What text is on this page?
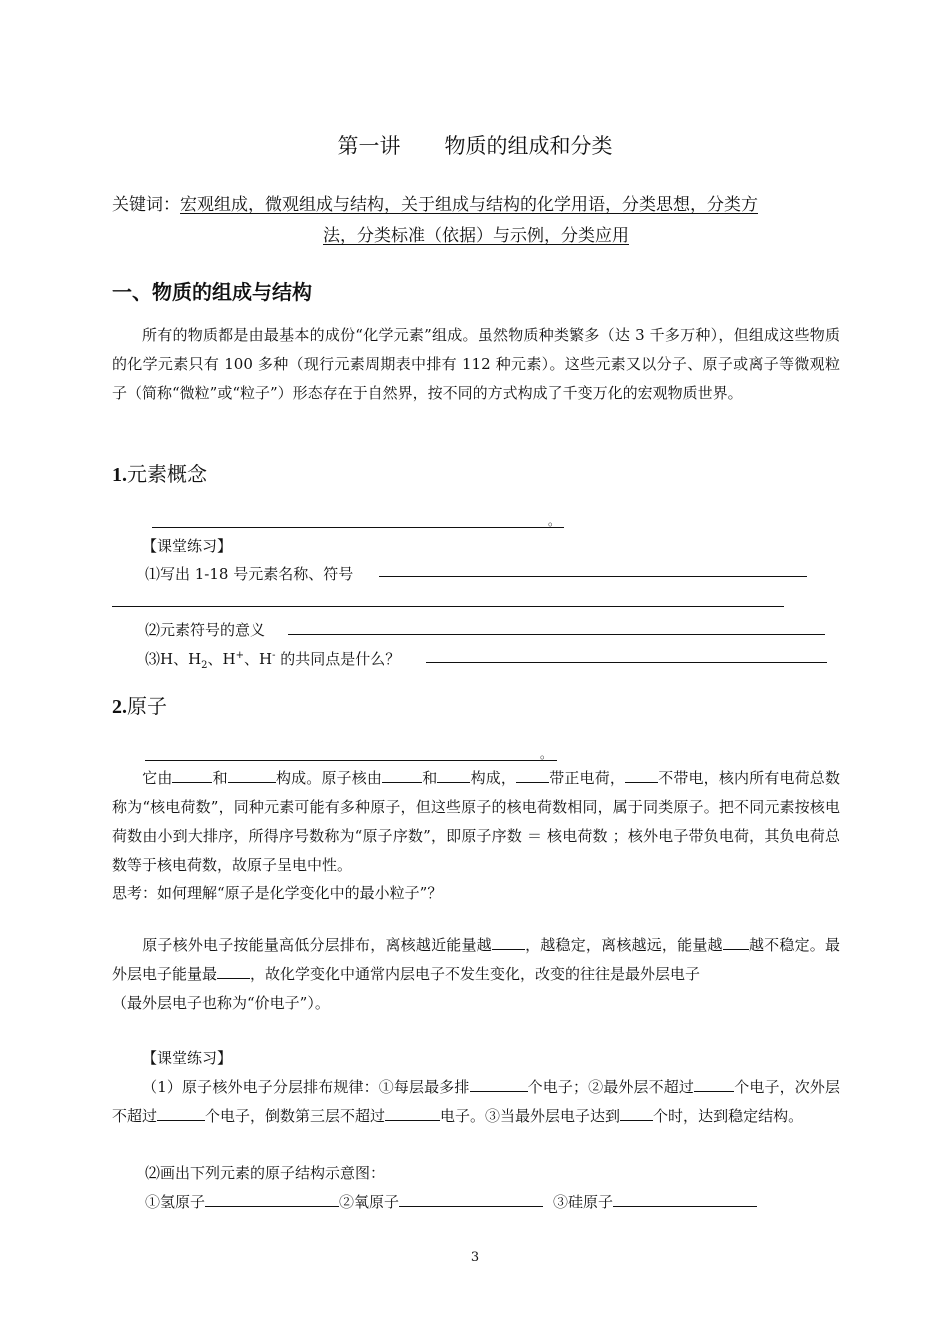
第一讲 物质的组成和分类
关键词：宏观组成，微观组成与结构，关于组成与结构的化学用语，分类思想，分类方
法，分类标准（依据）与示例，分类应用
一、物质的组成与结构
所有的物质都是由最基本的成份“化学元素”组成。虽然物质种类繁多（达 3 千多万种），但组成这些物质的化学元素只有 100 多种（现行元素周期表中排有 112 种元素）。这些元素又以分子、原子或离子等微观粒子（简称“微粒”或“粒子”）形态存在于自然界，按不同的方式构成了千变万化的宏观物质世界。
1.元素概念
。
【课堂练习】
⑴写出 1-18 号元素名称、符号
⑵元素符号的意义
⑶H、$H_2$、H+、H- 的共同点是什么？
2.原子
。
它由	和	构成。原子核由	和 构成， 带正电荷， 不带电，核内所有电荷总数称为“核电荷数”，同种元素可能有多种原子，但这些原子的核电荷数相同，属于同类原子。把不同元素按核电荷数由小到大排序，所得序号数称为“原子序数”，即原子序数 ＝ 核电荷数 ；核外电子带负电荷，其负电荷总数等于核电荷数，故原子呈电中性。
思考：如何理解“原子是化学变化中的最小粒子”？
原子核外电子按能量高低分层排布，离核越近能量越 ，越稳定，离核越远，能量越 越不稳定。最外层电子能量最 ，故化学变化中通常内层电子不发生变化，改变的往往是最外层电子
（最外层电子也称为“价电子”）。
【课堂练习】
（1）原子核外电子分层排布规律：①每层最多排	个电子；②最外层不超过	个电子，次外层不超过	个电子，倒数第三层不超过	电子。③当最外层电子达到 个时，达到稳定结构。
⑵画出下列元素的原子结构示意图：
①氢原子	②氧原子	③硅原子
3
